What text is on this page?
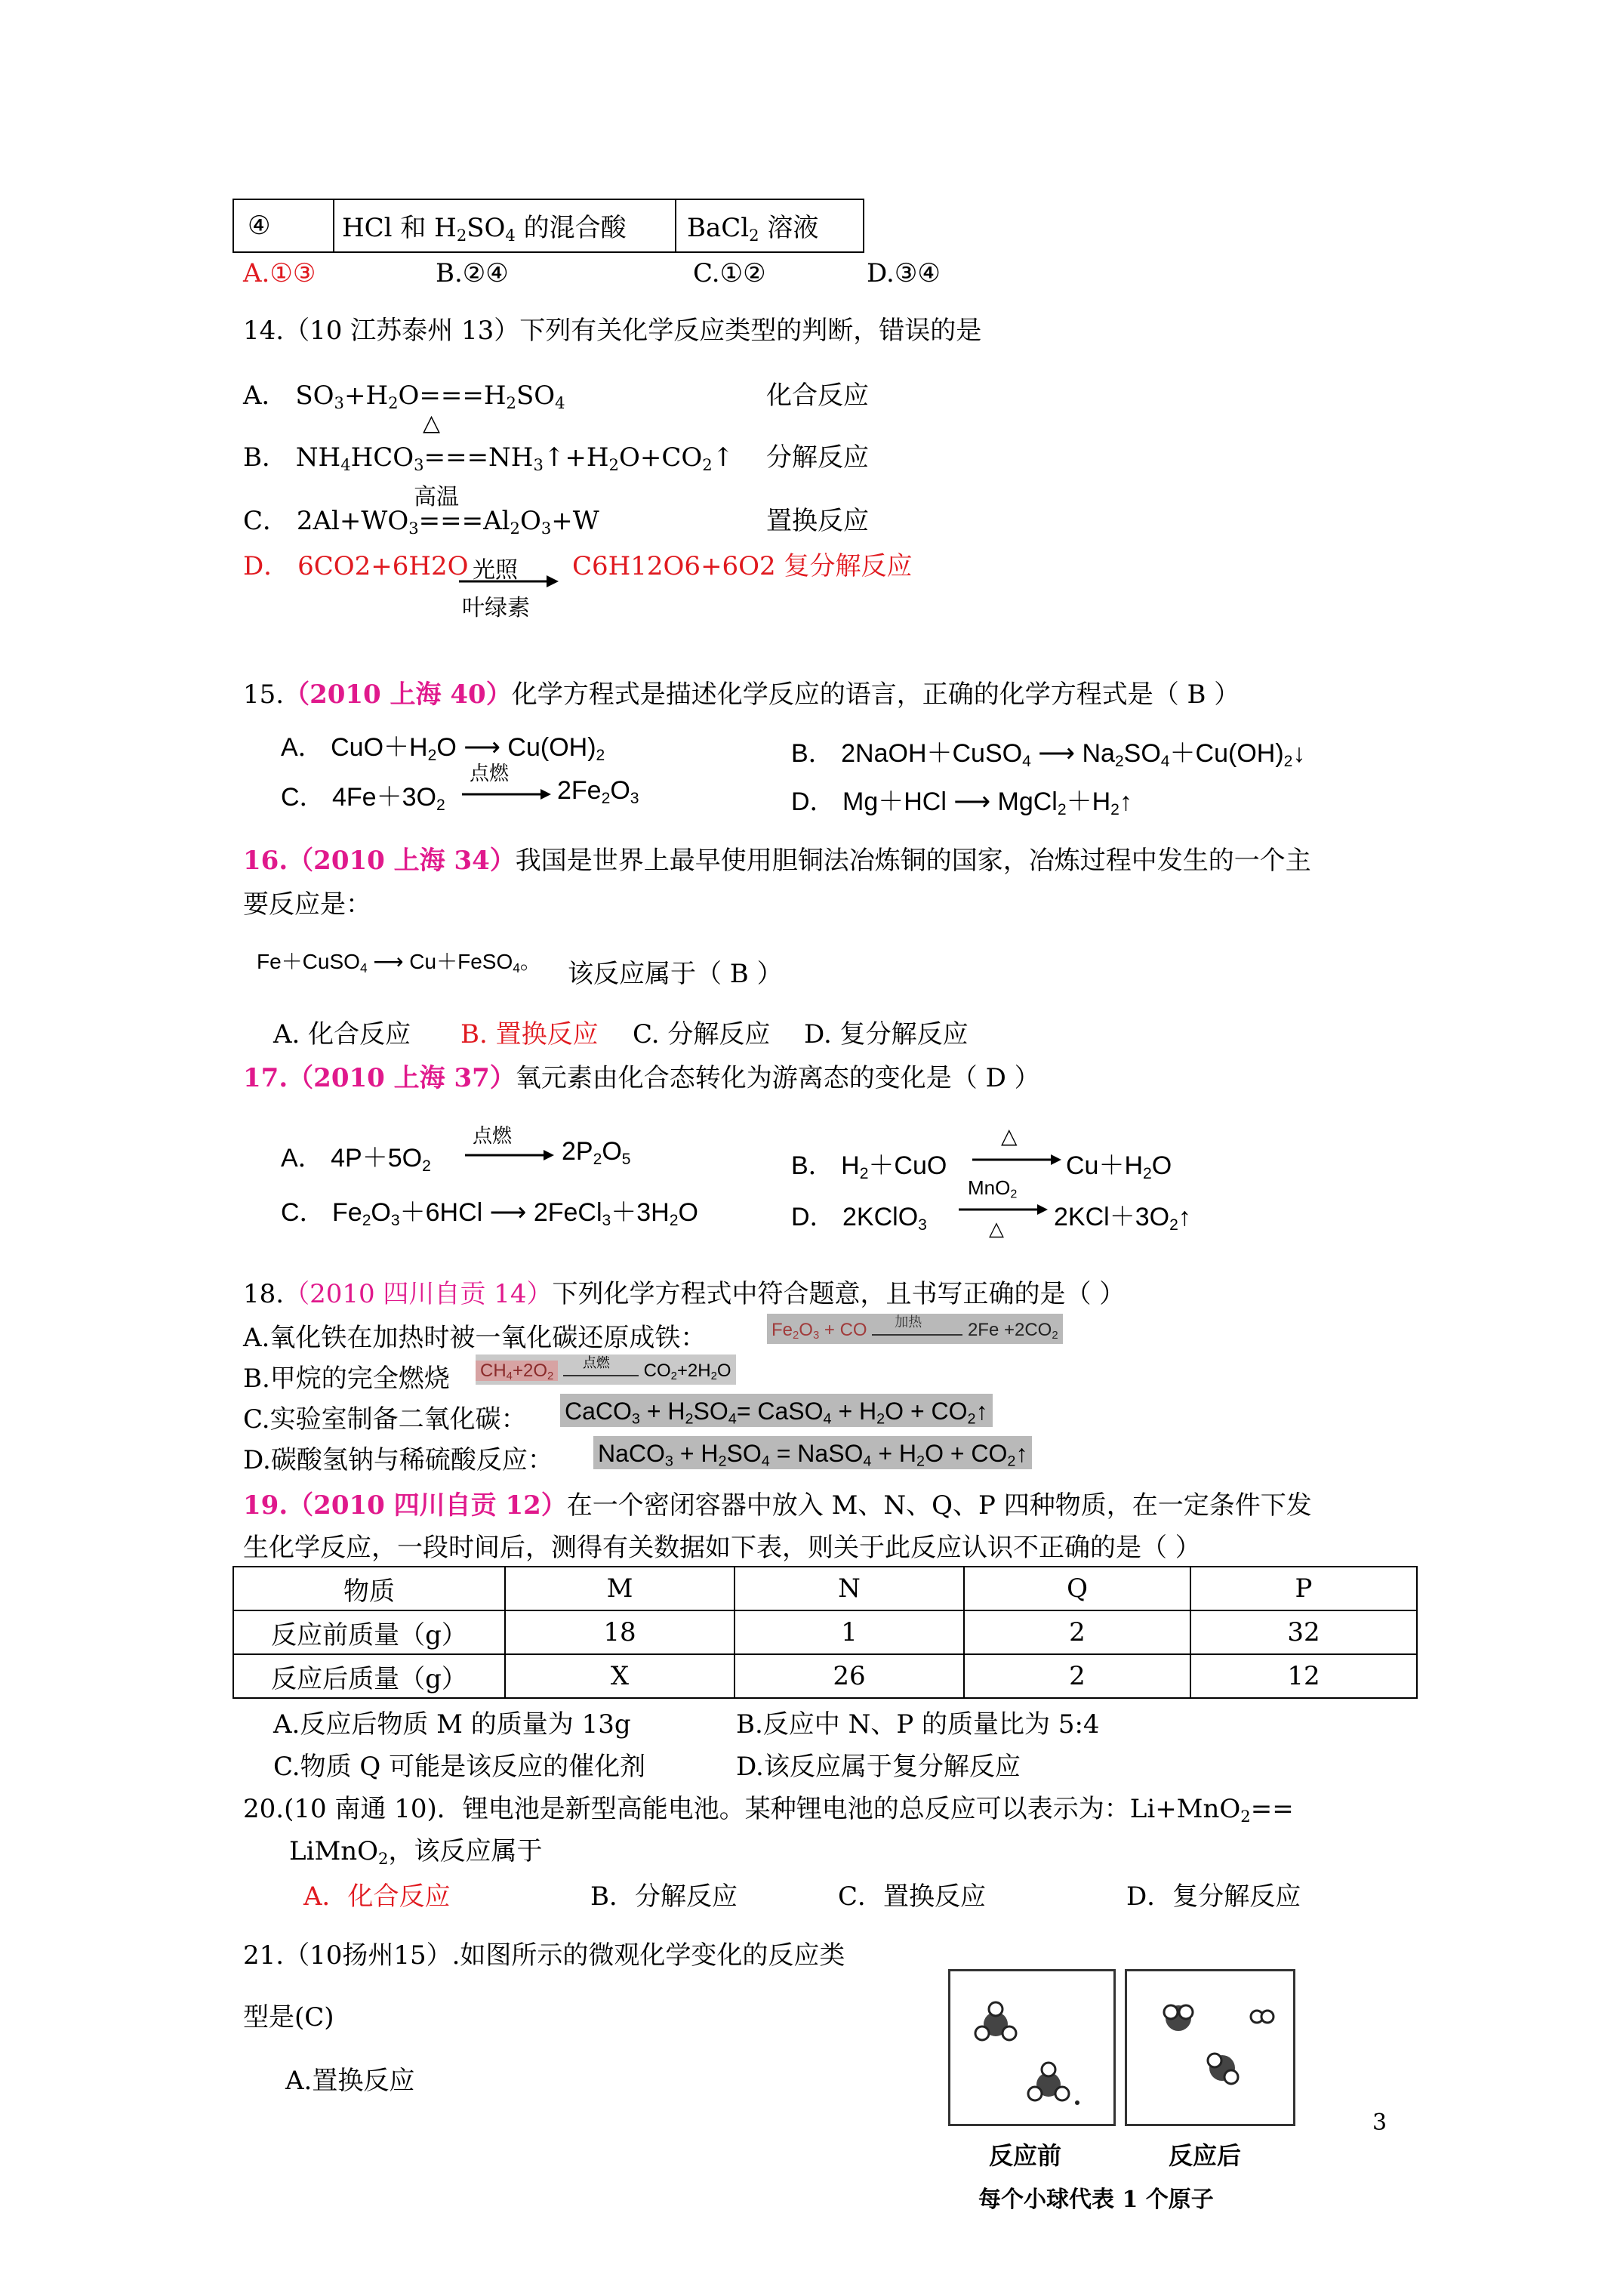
④	HCl 和 $H_2SO_4$ 的混合酸	BaCl$_2$ 溶液
A.①③	B.②④	C.①②	D.③④
14.（10 江苏泰州 13）下列有关化学反应类型的判断，错误的是
A． $SO_3+H_2O===H_2SO_4$	化合反应
△
B． $NH_4HCO_3===NH_3↑+H_2O+CO_2↑$ 分解反应
高温
C． $2Al+WO_3===Al_2O_3+W$	置换反应
D． 6CO2+6H2O 光照
叶绿素
C6H12O6+6O2 复分解反应
15.（2010 上海 40）化学方程式是描述化学反应的语言，正确的化学方程式是（ B ）
A． $CuO+H_2O$ ⟶ $Cu(OH)_2$	B． 2NaOH＋CuSO$_4$ ⟶ $Na_2SO_4+Cu(OH)_2↓$
C． $4Fe+3O_2$
点燃
→ $2Fe_2O_3$	D． Mg＋HCl ⟶ $MgCl_2+H_2↑$
16.（2010 上海 34）我国是世界上最早使用胆铜法冶炼铜的国家，冶炼过程中发生的一个主
要反应是：
Fe＋CuSO$_4$ ⟶ Cu＋FeSO$_4$。 该反应属于（ B ）
A. 化合反应 B. 置换反应 C. 分解反应 D. 复分解反应
17.（2010 上海 37）氧元素由化合态转化为游离态的变化是（ D ）
A． $4P+5O_2$
点燃
→ $2P_2O_5$	B． $H_2+CuO$
△
→ $Cu+H_2O$
C． $Fe_2O_3+6HCl$ ⟶ $2FeCl_3+3H_2O$	D． 2KClO$_3$
MnO$_2$
△ $2KCl+3O_2↑$
18.（2010 四川自贡 14）下列化学方程式中符合题意，且书写正确的是（ ）
A.氧化铁在加热时被一氧化碳还原成铁：	$Fe_2O_3$ + CO 加热	$2Fe +2CO_2$
B.甲烷的完全燃烧 $CH_4+2O_2$
点燃 $CO_2+2H_2O$
C.实验室制备二氧化碳： CaCO$_3$ + $H_2SO_4=$ CaSO$_4$ + $H_2O$ + $CO_2↑$
D.碳酸氢钠与稀硫酸反应： NaCO$_3$ + $H_2SO_4$ = NaSO$_4$ + $H_2O$ + $CO_2↑$
19.（2010 四川自贡 12）在一个密闭容器中放入 M、N、Q、P 四种物质，在一定条件下发
生化学反应，一段时间后，测得有关数据如下表，则关于此反应认识不正确的是（ ）
物质	M	N	Q	P
反应前质量（g）	18	1	2	32
反应后质量（g）	X	26	2	12
A.反应后物质 M 的质量为 13g	B.反应中 N、P 的质量比为 5:4
C.物质 Q 可能是该反应的催化剂	D.该反应属于复分解反应
20.(10 南通 10)．锂电池是新型高能电池。某种锂电池的总反应可以表示为：Li+MnO$_2$==
LiMnO$_2$，该反应属于
A．化合反应	B．分解反应	C．置换反应	D．复分解反应
21.（10扬州15）.如图所示的微观化学变化的反应类
型是(C)
A.置换反应
反应前	反应后
每个小球代表 1 个原子
3
